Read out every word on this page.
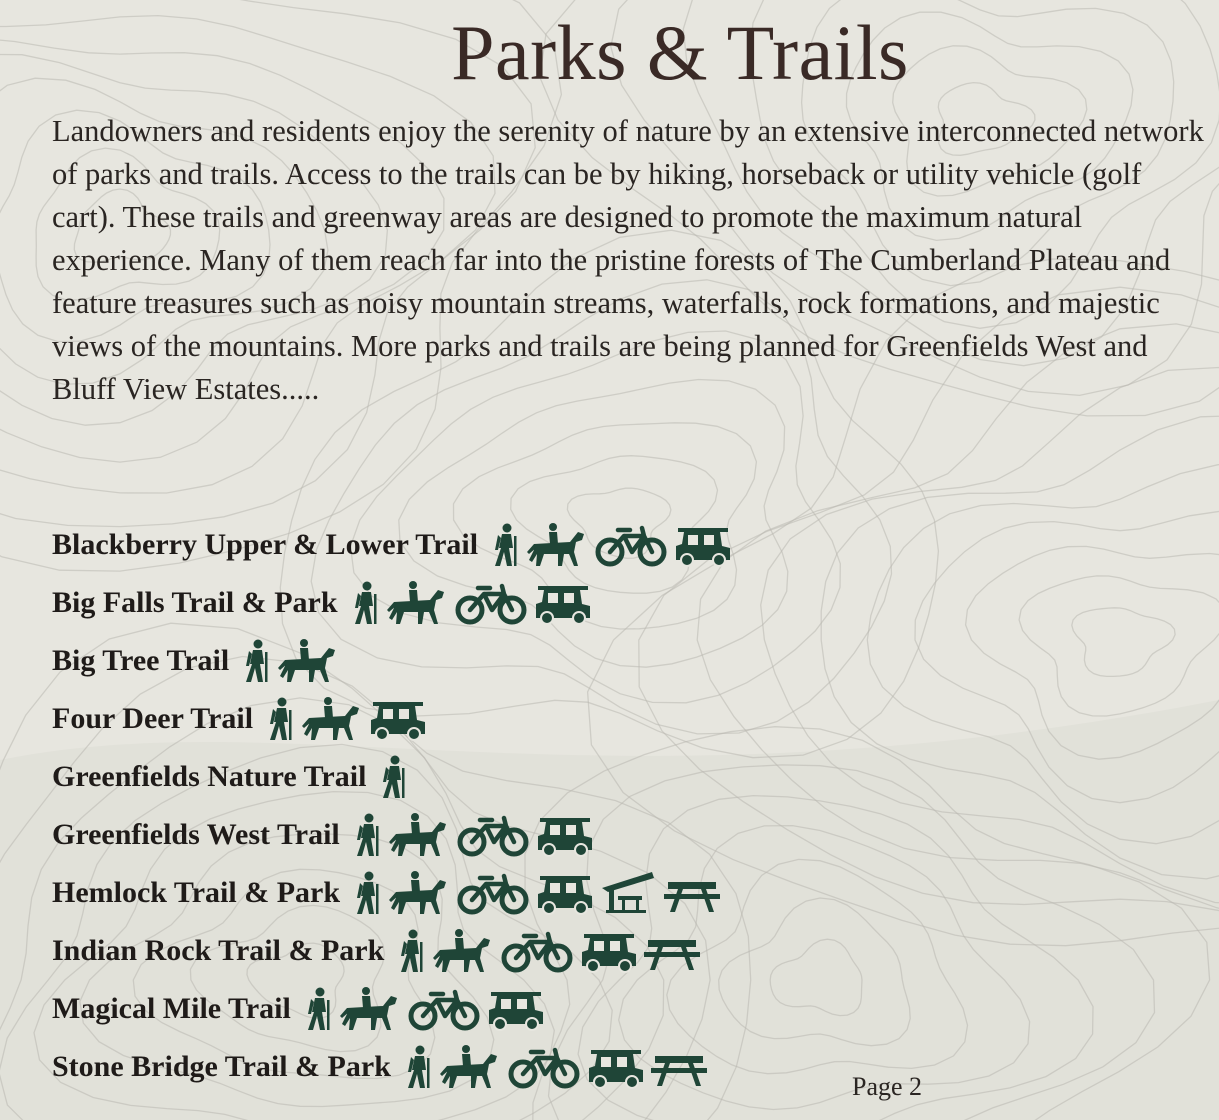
Parks & Trails
Landowners and residents enjoy the serenity of nature by an extensive interconnected network of parks and trails. Access to the trails can be by hiking, horseback or utility vehicle (golf cart). These trails and greenway areas are designed to promote the maximum natural experience. Many of them reach far into the pristine forests of The Cumberland Plateau and feature treasures such as noisy mountain streams, waterfalls, rock formations, and majestic views of the mountains. More parks and trails are being planned for Greenfields West and Bluff View Estates.....
Blackberry Upper & Lower Trail
Big Falls Trail & Park
Big Tree Trail
Four Deer Trail
Greenfields Nature Trail
Greenfields West Trail
Hemlock Trail & Park
Indian Rock Trail & Park
Magical Mile Trail
Stone Bridge Trail & Park
Page 2
